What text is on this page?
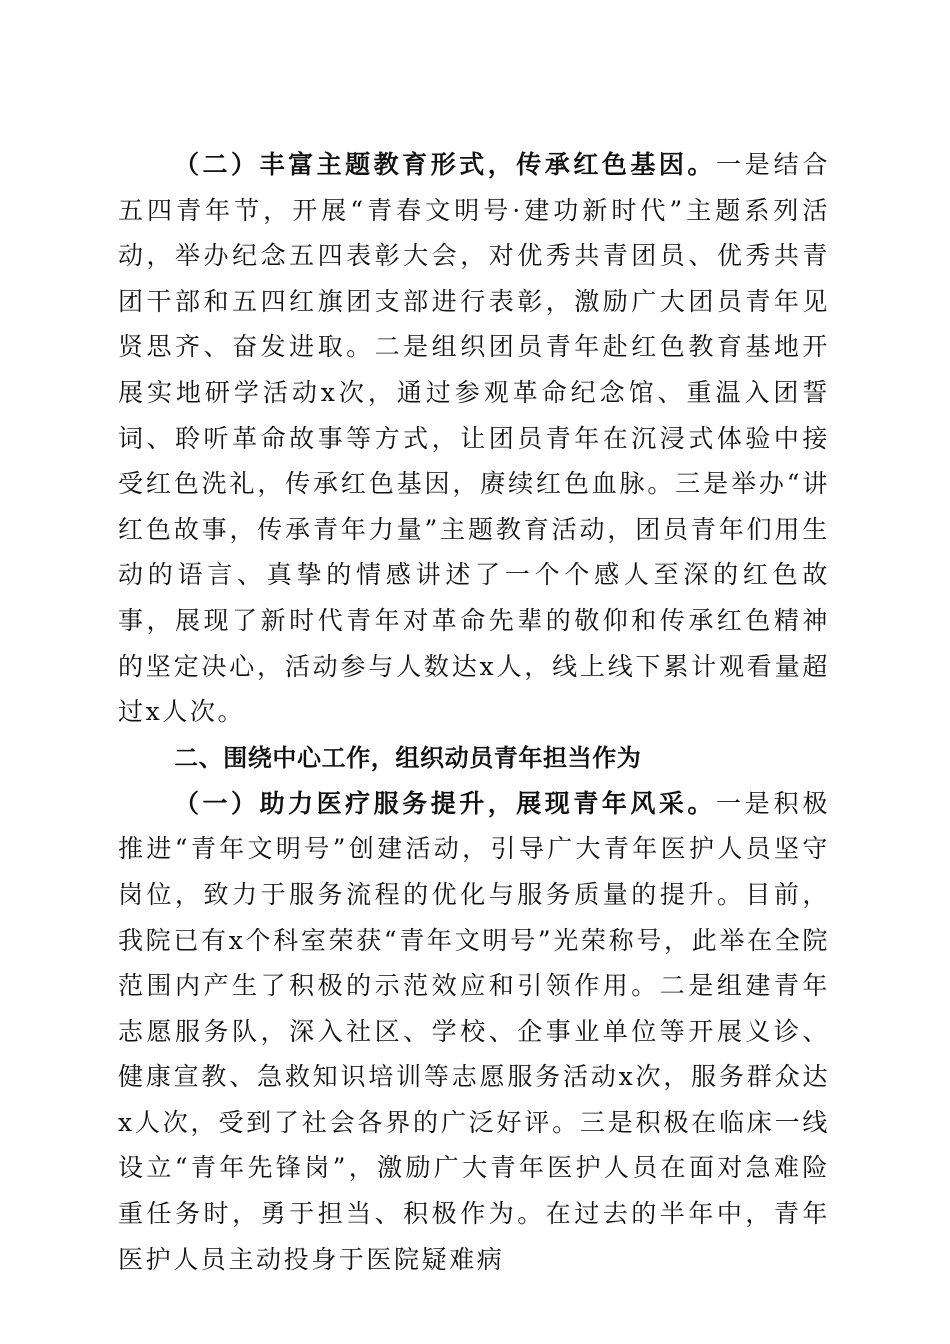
（二）丰富主题教育形式，传承红色基因。一是结合五四青年节，开展“青春文明号·建功新时代”主题系列活动，举办纪念五四表彰大会，对优秀共青团员、优秀共青团干部和五四红旗团支部进行表彰，激励广大团员青年见贤思齐、奋发进取。二是组织团员青年赴红色教育基地开展实地研学活动x次，通过参观革命纪念馆、重温入团誓词、聆听革命故事等方式，让团员青年在沉浸式体验中接受红色洗礼，传承红色基因，赓续红色血脉。三是举办“讲红色故事，传承青年力量”主题教育活动，团员青年们用生动的语言、真挚的情感讲述了一个个感人至深的红色故事，展现了新时代青年对革命先辈的敬仰和传承红色精神的坚定决心，活动参与人数达x人，线上线下累计观看量超过x人次。

二、围绕中心工作，组织动员青年担当作为

（一）助力医疗服务提升，展现青年风采。一是积极推进“青年文明号”创建活动，引导广大青年医护人员坚守岗位，致力于服务流程的优化与服务质量的提升。目前，我院已有x个科室荣获“青年文明号”光荣称号，此举在全院范围内产生了积极的示范效应和引领作用。二是组建青年志愿服务队，深入社区、学校、企事业单位等开展义诊、健康宣教、急救知识培训等志愿服务活动x次，服务群众达x人次，受到了社会各界的广泛好评。三是积极在临床一线设立“青年先锋岗”，激励广大青年医护人员在面对急难险重任务时，勇于担当、积极作为。在过去的半年中，青年医护人员主动投身于医院疑难病
